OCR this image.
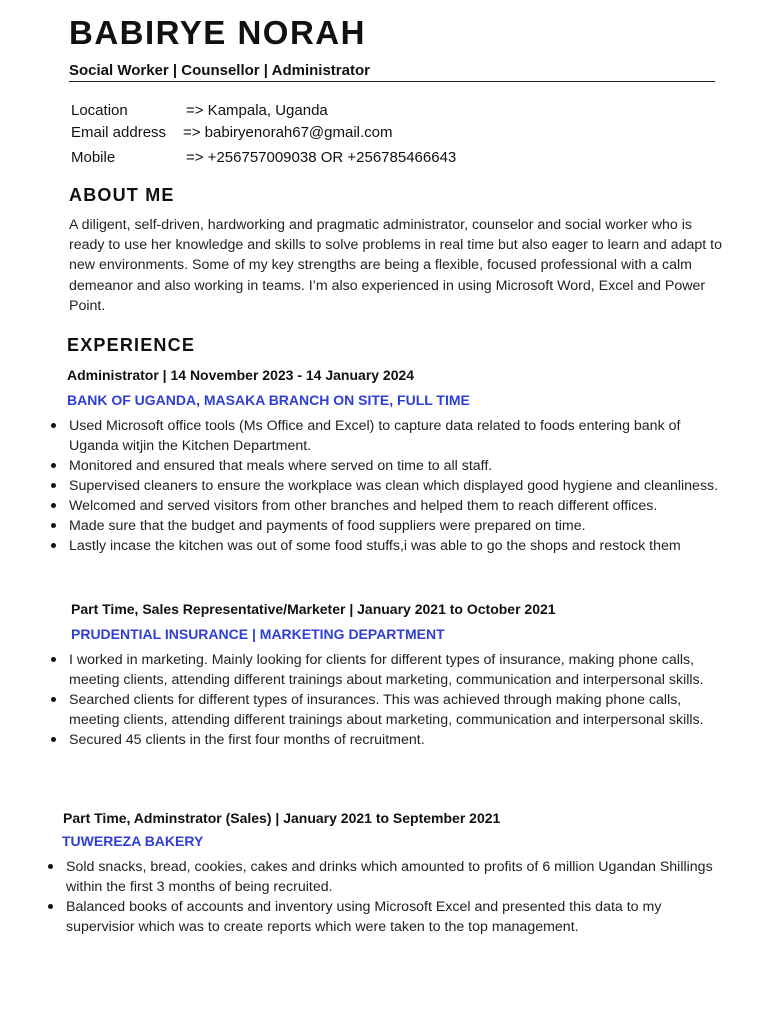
BABIRYE NORAH
Social Worker | Counsellor | Administrator
Location	=> Kampala, Uganda
Email address => babiryenorah67@gmail.com
Mobile	=> +256757009038 OR +256785466643
ABOUT ME
A diligent, self-driven, hardworking and pragmatic administrator, counselor and social worker who is ready to use her knowledge and skills to solve problems in real time but also eager to learn and adapt to new environments. Some of my key strengths are being a flexible, focused professional with a calm demeanor and also working in teams. I’m also experienced in using Microsoft Word, Excel and Power Point.
EXPERIENCE
Administrator | 14 November 2023 - 14 January 2024
BANK OF UGANDA, MASAKA BRANCH ON SITE, FULL TIME
Used Microsoft office tools (Ms Office and Excel) to capture data related to foods entering bank of Uganda witjin the Kitchen Department.
Monitored and ensured that meals where served on time to all staff.
Supervised cleaners to ensure the workplace was clean which displayed good hygiene and cleanliness.
Welcomed and served visitors from other branches and helped them to reach different offices.
Made sure that the budget and payments of food suppliers were prepared on time.
Lastly incase the kitchen was out of some food stuffs,i was able to go the shops and restock them
Part Time, Sales Representative/Marketer | January 2021 to October 2021
PRUDENTIAL INSURANCE | MARKETING DEPARTMENT
I worked in marketing. Mainly looking for clients for different types of insurance, making phone calls, meeting clients, attending different trainings about marketing, communication and interpersonal skills.
Searched clients for different types of insurances. This was achieved through making phone calls, meeting clients, attending different trainings about marketing, communication and interpersonal skills.
Secured 45 clients in the first four months of recruitment.
Part Time, Adminstrator (Sales) | January 2021 to September 2021
TUWEREZA BAKERY
Sold snacks, bread, cookies, cakes and drinks which amounted to profits of 6 million Ugandan Shillings within the first 3 months of being recruited.
Balanced books of accounts and inventory using Microsoft Excel and presented this data to my supervisior which was to create reports which were taken to the top management.
